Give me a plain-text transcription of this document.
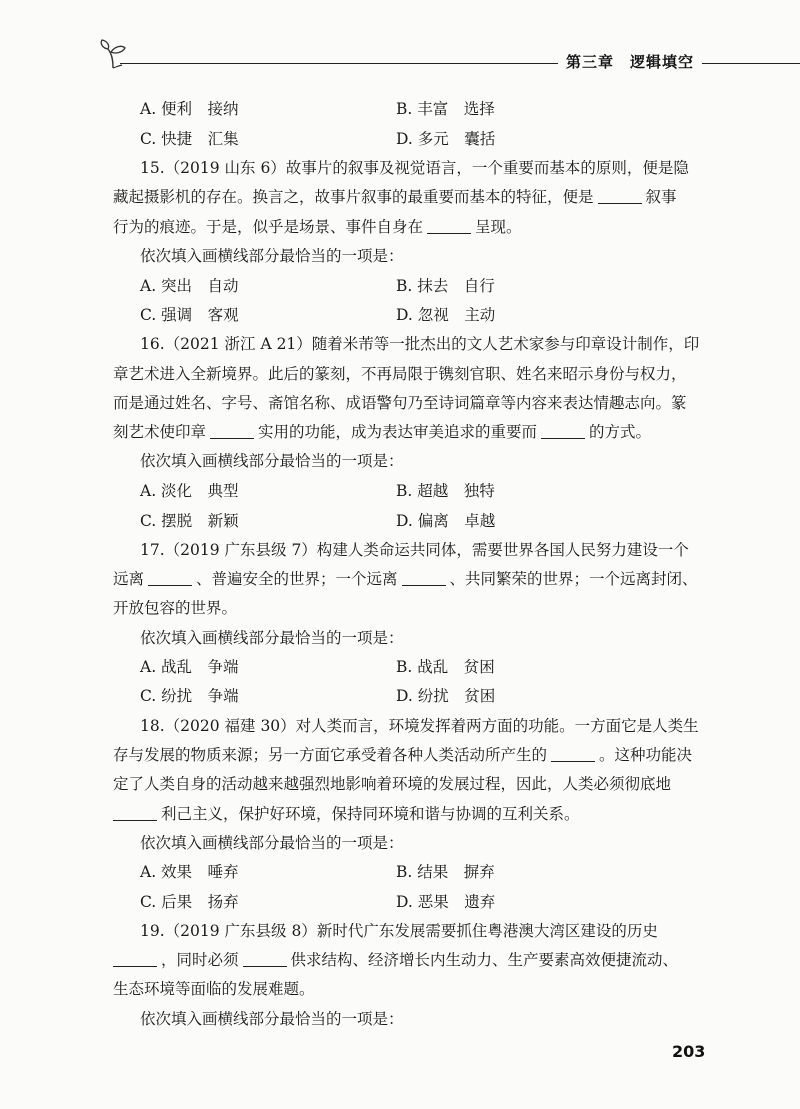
第三章　逻辑填空
A. 便利　接纳	B. 丰富　选择
C. 快捷　汇集	D. 多元　囊括
15.（2019 山东 6）故事片的叙事及视觉语言，一个重要而基本的原则，便是隐
藏起摄影机的存在。换言之，故事片叙事的最重要而基本的特征，便是	叙事
行为的痕迹。于是，似乎是场景、事件自身在	呈现。
依次填入画横线部分最恰当的一项是：
A. 突出　自动	B. 抹去　自行
C. 强调　客观	D. 忽视　主动
16.（2021 浙江 A 21）随着米芾等一批杰出的文人艺术家参与印章设计制作，印
章艺术进入全新境界。此后的篆刻，不再局限于镌刻官职、姓名来昭示身份与权力，
而是通过姓名、字号、斋馆名称、成语警句乃至诗词篇章等内容来表达情趣志向。篆
刻艺术使印章	实用的功能，成为表达审美追求的重要而	的方式。
依次填入画横线部分最恰当的一项是：
A. 淡化　典型	B. 超越　独特
C. 摆脱　新颖	D. 偏离　卓越
17.（2019 广东县级 7）构建人类命运共同体，需要世界各国人民努力建设一个
远离	、普遍安全的世界；一个远离	、共同繁荣的世界；一个远离封闭、
开放包容的世界。
依次填入画横线部分最恰当的一项是：
A. 战乱　争端	B. 战乱　贫困
C. 纷扰　争端	D. 纷扰　贫困
18.（2020 福建 30）对人类而言，环境发挥着两方面的功能。一方面它是人类生
存与发展的物质来源；另一方面它承受着各种人类活动所产生的	。这种功能决
定了人类自身的活动越来越强烈地影响着环境的发展过程，因此，人类必须彻底地
利己主义，保护好环境，保持同环境和谐与协调的互利关系。
依次填入画横线部分最恰当的一项是：
A. 效果　唾弃	B. 结果　摒弃
C. 后果　扬弃	D. 恶果　遗弃
19.（2019 广东县级 8）新时代广东发展需要抓住粤港澳大湾区建设的历史
，同时必须	供求结构、经济增长内生动力、生产要素高效便捷流动、
生态环境等面临的发展难题。
依次填入画横线部分最恰当的一项是：
203
